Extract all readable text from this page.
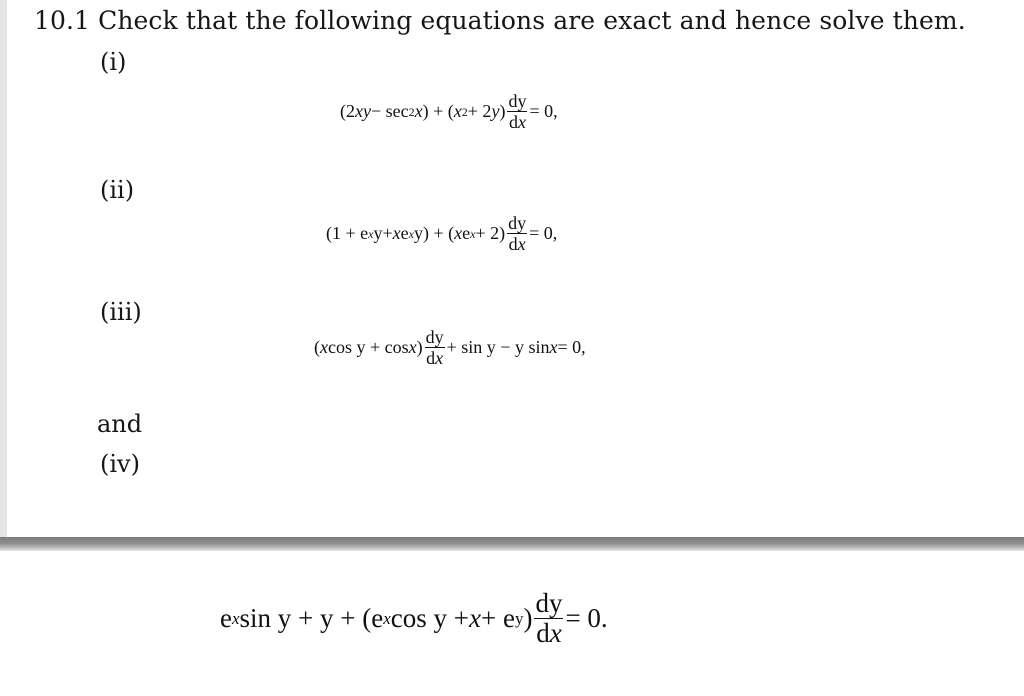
10.1 Check that the following equations are exact and hence solve them.
(i)
(2 x y − sec 2 x ) + ( x 2 + 2 y ) $\frac{dy}{dx} = 0$,
(ii)
(1 + e x y + x e x y ) + ( x e $x + 2) \frac{dy}{dx} = 0$,
(iii)
( x cos y + cos x ) $\frac{dy}{dx} + \sin y - y$ sin x = 0,
and
(iv)
e x sin y + y + (e x cos y + x + e y ) $\frac{dy}{dx} = 0$.
